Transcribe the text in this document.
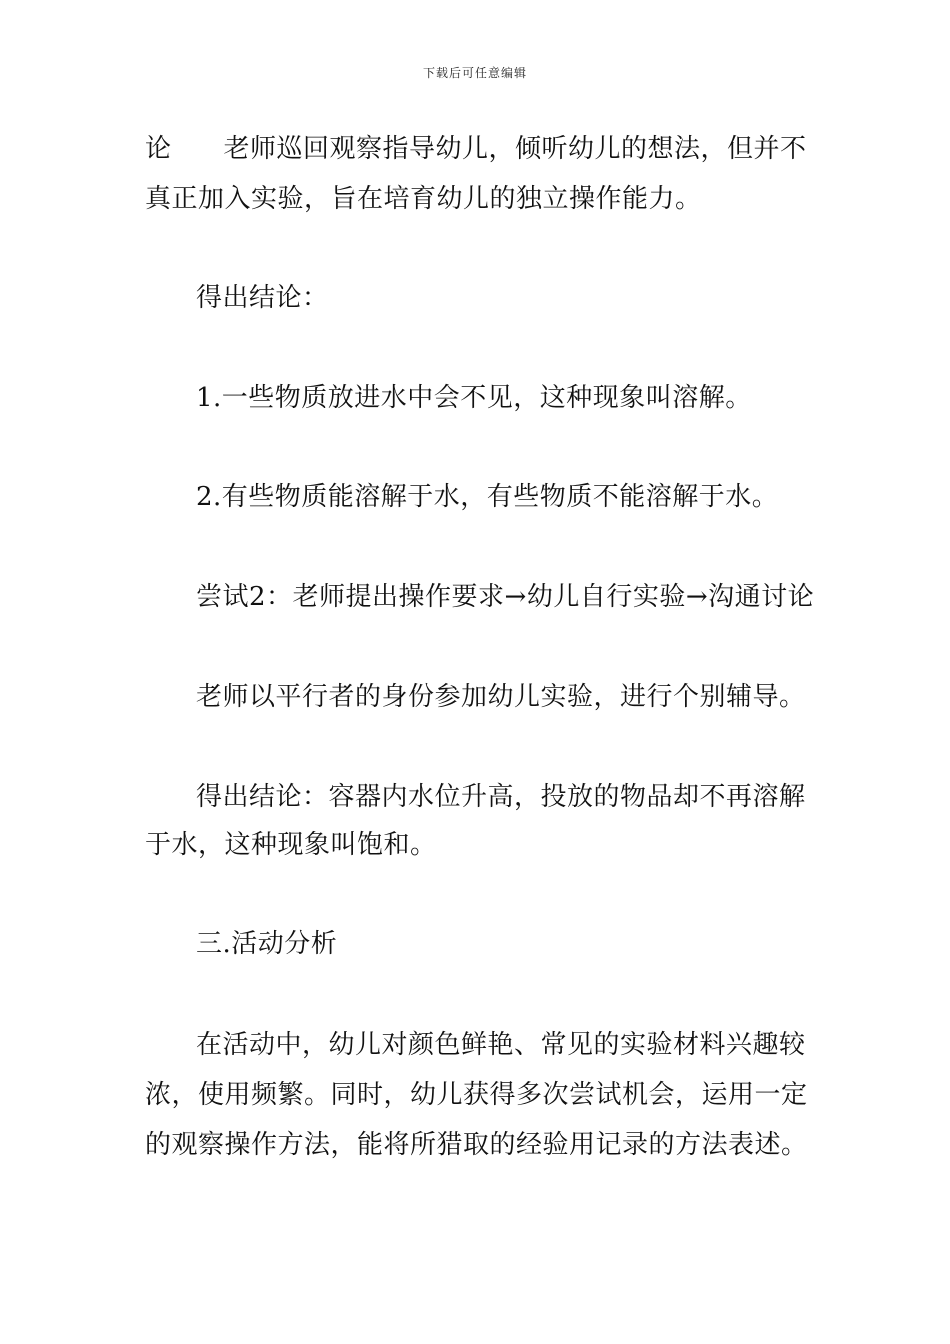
下载后可任意编辑
论 老师巡回观察指导幼儿，倾听幼儿的想法，但并不
真正加入实验，旨在培育幼儿的独立操作能力。
得出结论：
1.一些物质放进水中会不见，这种现象叫溶解。
2.有些物质能溶解于水，有些物质不能溶解于水。
尝试2：老师提出操作要求→幼儿自行实验→沟通讨论
老师以平行者的身份参加幼儿实验，进行个别辅导。
得出结论：容器内水位升高，投放的物品却不再溶解
于水，这种现象叫饱和。
三.活动分析
在活动中，幼儿对颜色鲜艳、常见的实验材料兴趣较
浓，使用频繁。同时，幼儿获得多次尝试机会，运用一定
的观察操作方法，能将所猎取的经验用记录的方法表述。
